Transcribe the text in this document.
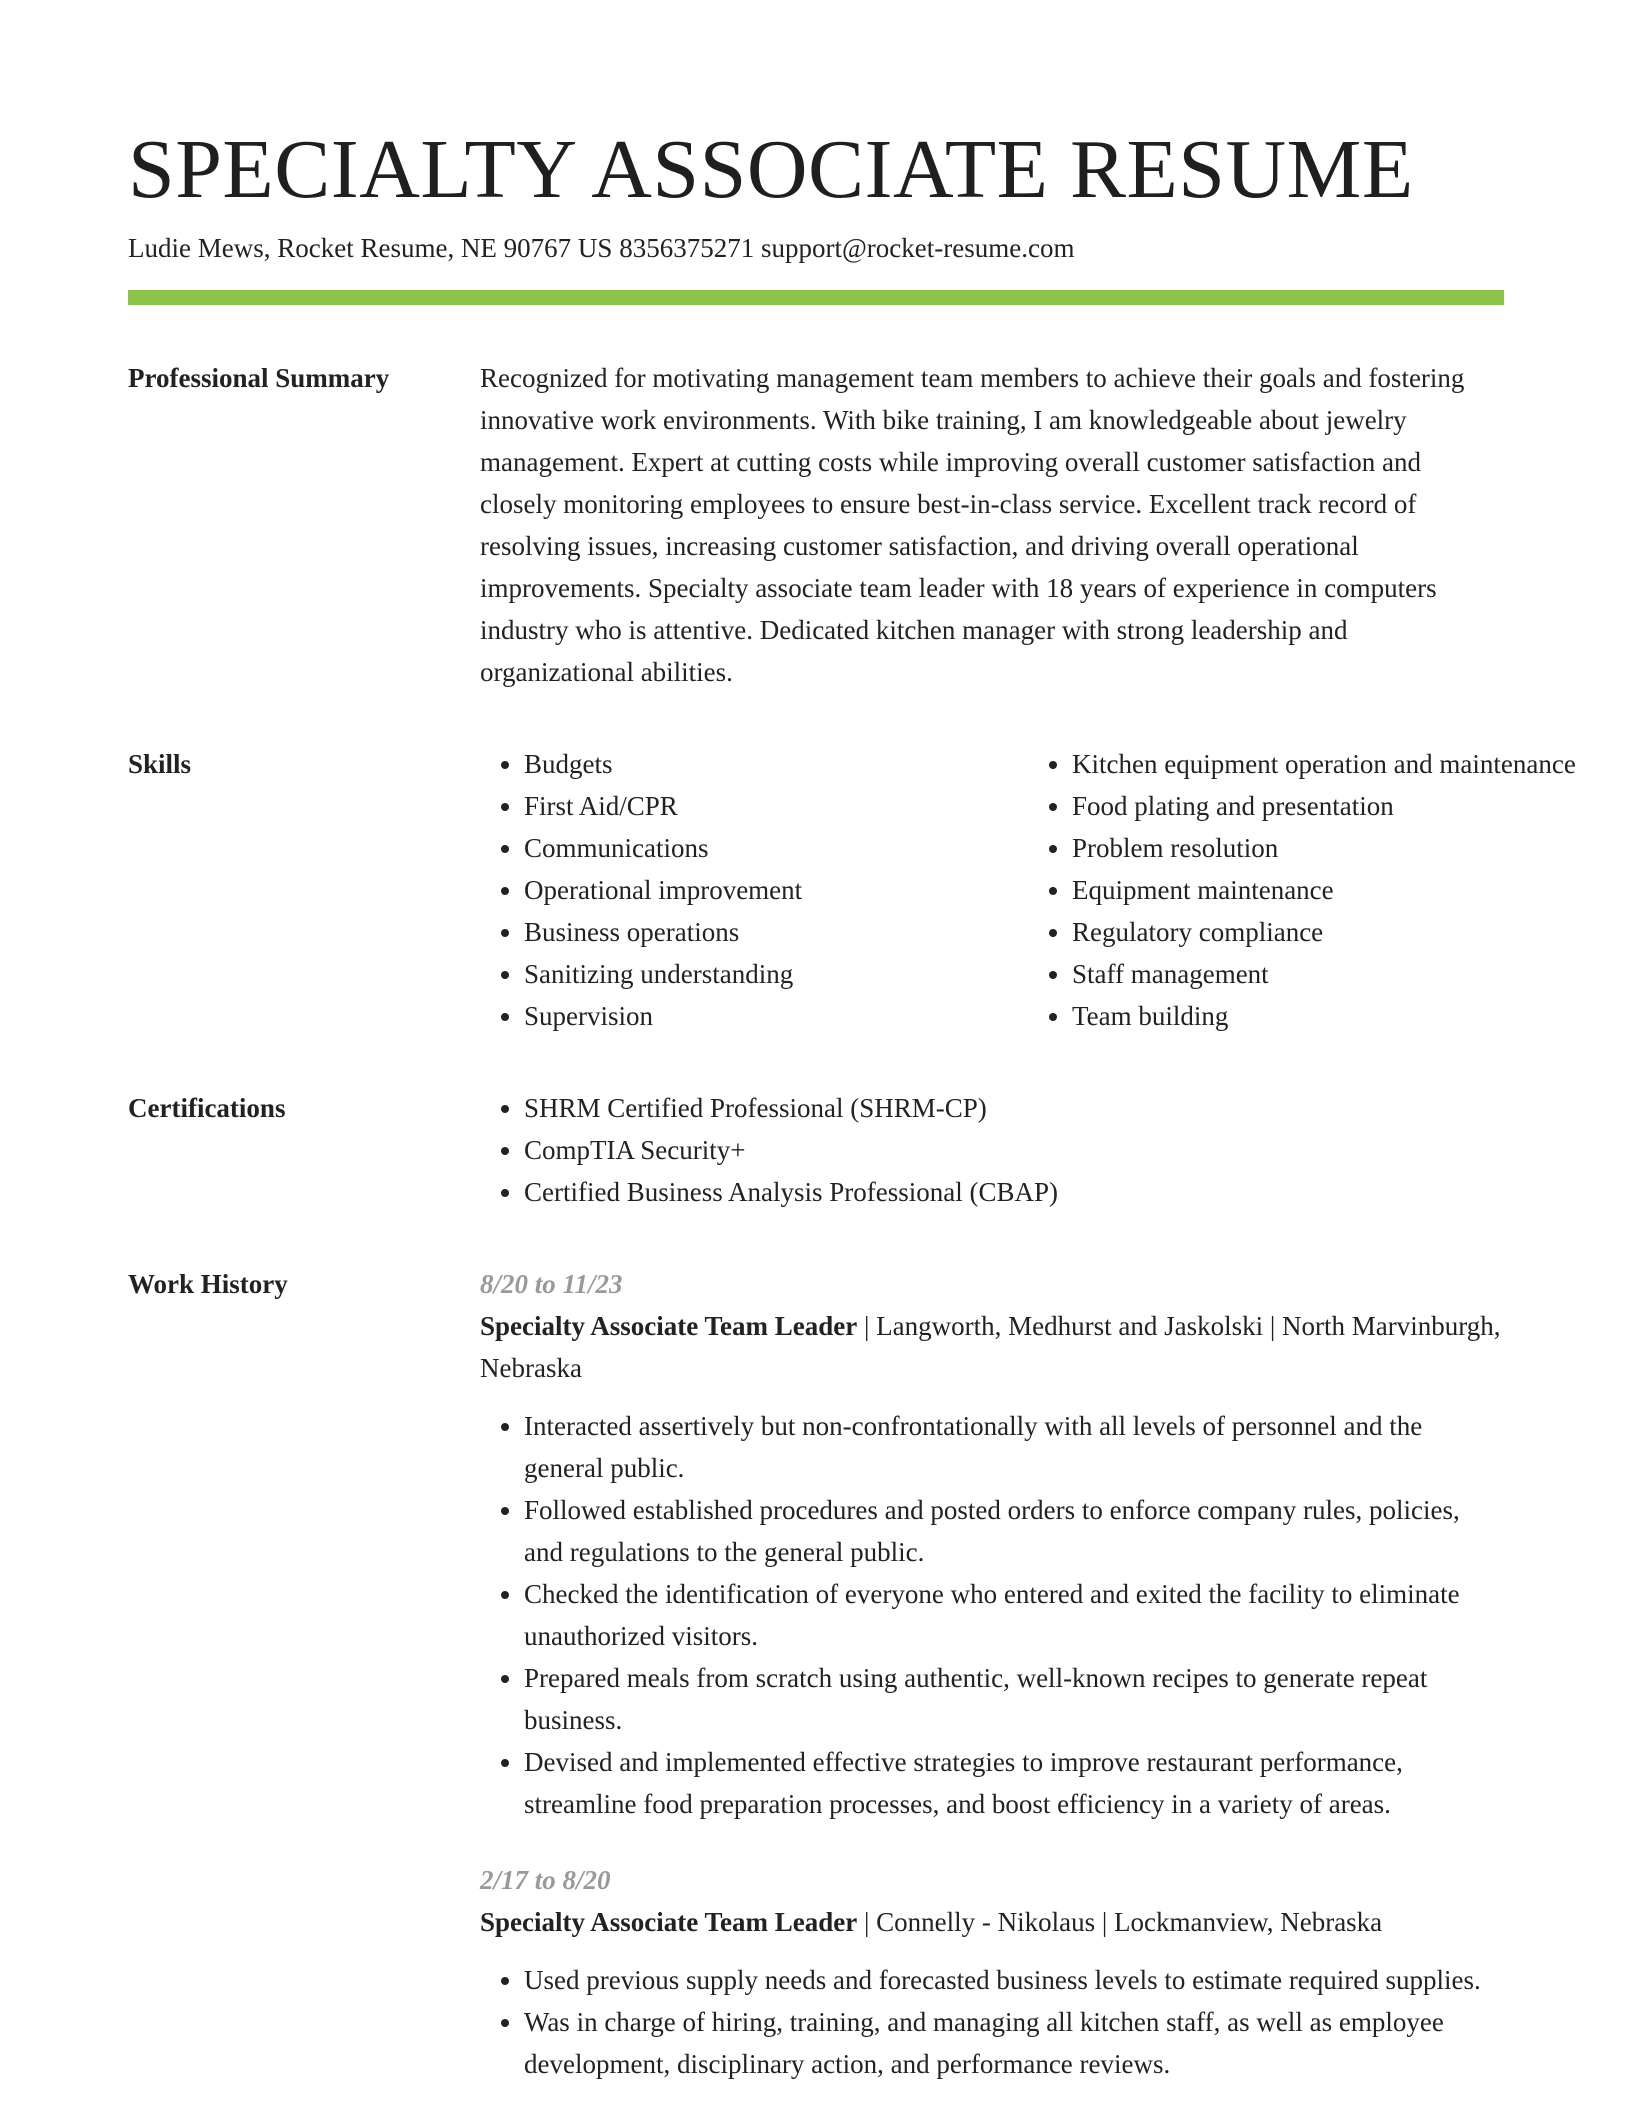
SPECIALTY ASSOCIATE RESUME
Ludie Mews, Rocket Resume, NE 90767 US 8356375271 support@rocket-resume.com
Professional Summary	Recognized for motivating management team members to achieve their goals and fostering innovative work environments. With bike training, I am knowledgeable about jewelry management. Expert at cutting costs while improving overall customer satisfaction and closely monitoring employees to ensure best-in-class service. Excellent track record of resolving issues, increasing customer satisfaction, and driving overall operational improvements. Specialty associate team leader with 18 years of experience in computers industry who is attentive. Dedicated kitchen manager with strong leadership and organizational abilities.

Skills	• Budgets
• First Aid/CPR
• Communications
• Operational improvement
• Business operations
• Sanitizing understanding
• Supervision
• Kitchen equipment operation and maintenance
• Food plating and presentation
• Problem resolution
• Equipment maintenance
• Regulatory compliance
• Staff management
• Team building
Certifications	• SHRM Certified Professional (SHRM-CP)
• CompTIA Security+
• Certified Business Analysis Professional (CBAP)
Work History	8/20 to 11/23
Specialty Associate Team Leader | Langworth, Medhurst and Jaskolski | North Marvinburgh, Nebraska
• Interacted assertively but non-confrontationally with all levels of personnel and the general public.
• Followed established procedures and posted orders to enforce company rules, policies, and regulations to the general public.
• Checked the identification of everyone who entered and exited the facility to eliminate unauthorized visitors.
• Prepared meals from scratch using authentic, well-known recipes to generate repeat business.
• Devised and implemented effective strategies to improve restaurant performance, streamline food preparation processes, and boost efficiency in a variety of areas.
2/17 to 8/20
Specialty Associate Team Leader | Connelly - Nikolaus | Lockmanview, Nebraska
• Used previous supply needs and forecasted business levels to estimate required supplies.
• Was in charge of hiring, training, and managing all kitchen staff, as well as employee development, disciplinary action, and performance reviews.
